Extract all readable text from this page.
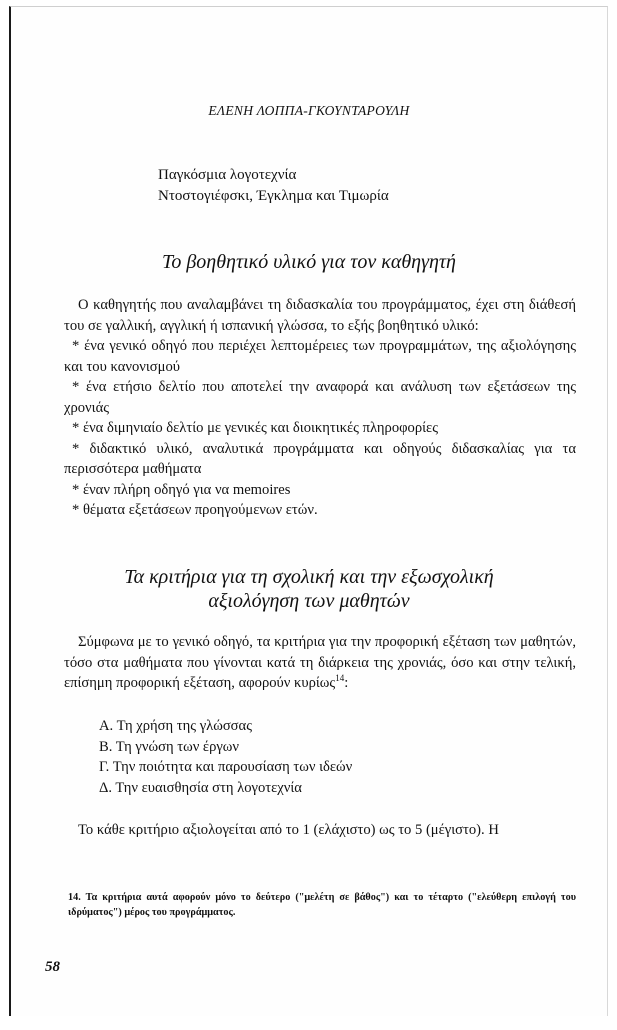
ΕΛΕΝΗ ΛΟΠΠΑ-ΓΚΟΥΝΤΑΡΟΥΛΗ
Παγκόσμια λογοτεχνία
Ντοστογιέφσκι, Έγκλημα και Τιμωρία
Το βοηθητικό υλικό για τον καθηγητή
Ο καθηγητής που αναλαμβάνει τη διδασκαλία του προγράμματος, έχει στη διάθεσή του σε γαλλική, αγγλική ή ισπανική γλώσσα, το εξής βοηθητικό υλικό:
* ένα γενικό οδηγό που περιέχει λεπτομέρειες των προγραμμάτων, της αξιολόγησης και του κανονισμού
* ένα ετήσιο δελτίο που αποτελεί την αναφορά και ανάλυση των εξετάσεων της χρονιάς
* ένα διμηνιαίο δελτίο με γενικές και διοικητικές πληροφορίες
* διδακτικό υλικό, αναλυτικά προγράμματα και οδηγούς διδασκαλίας για τα περισσότερα μαθήματα
* έναν πλήρη οδηγό για να memoires
* θέματα εξετάσεων προηγούμενων ετών.
Τα κριτήρια για τη σχολική και την εξωσχολική
αξιολόγηση των μαθητών
Σύμφωνα με το γενικό οδηγό, τα κριτήρια για την προφορική εξέταση των μαθητών, τόσο στα μαθήματα που γίνονται κατά τη διάρκεια της χρονιάς, όσο και στην τελική, επίσημη προφορική εξέταση, αφορούν κυρίως$^{14}$:
Α. Τη χρήση της γλώσσας
Β. Τη γνώση των έργων
Γ. Την ποιότητα και παρουσίαση των ιδεών
Δ. Την ευαισθησία στη λογοτεχνία
Το κάθε κριτήριο αξιολογείται από το 1 (ελάχιστο) ως το 5 (μέγιστο). Η
14. Τα κριτήρια αυτά αφορούν μόνο το δεύτερο ("μελέτη σε βάθος") και το τέταρτο ("ελεύθερη επιλογή του ιδρύματος") μέρος του προγράμματος.
58
